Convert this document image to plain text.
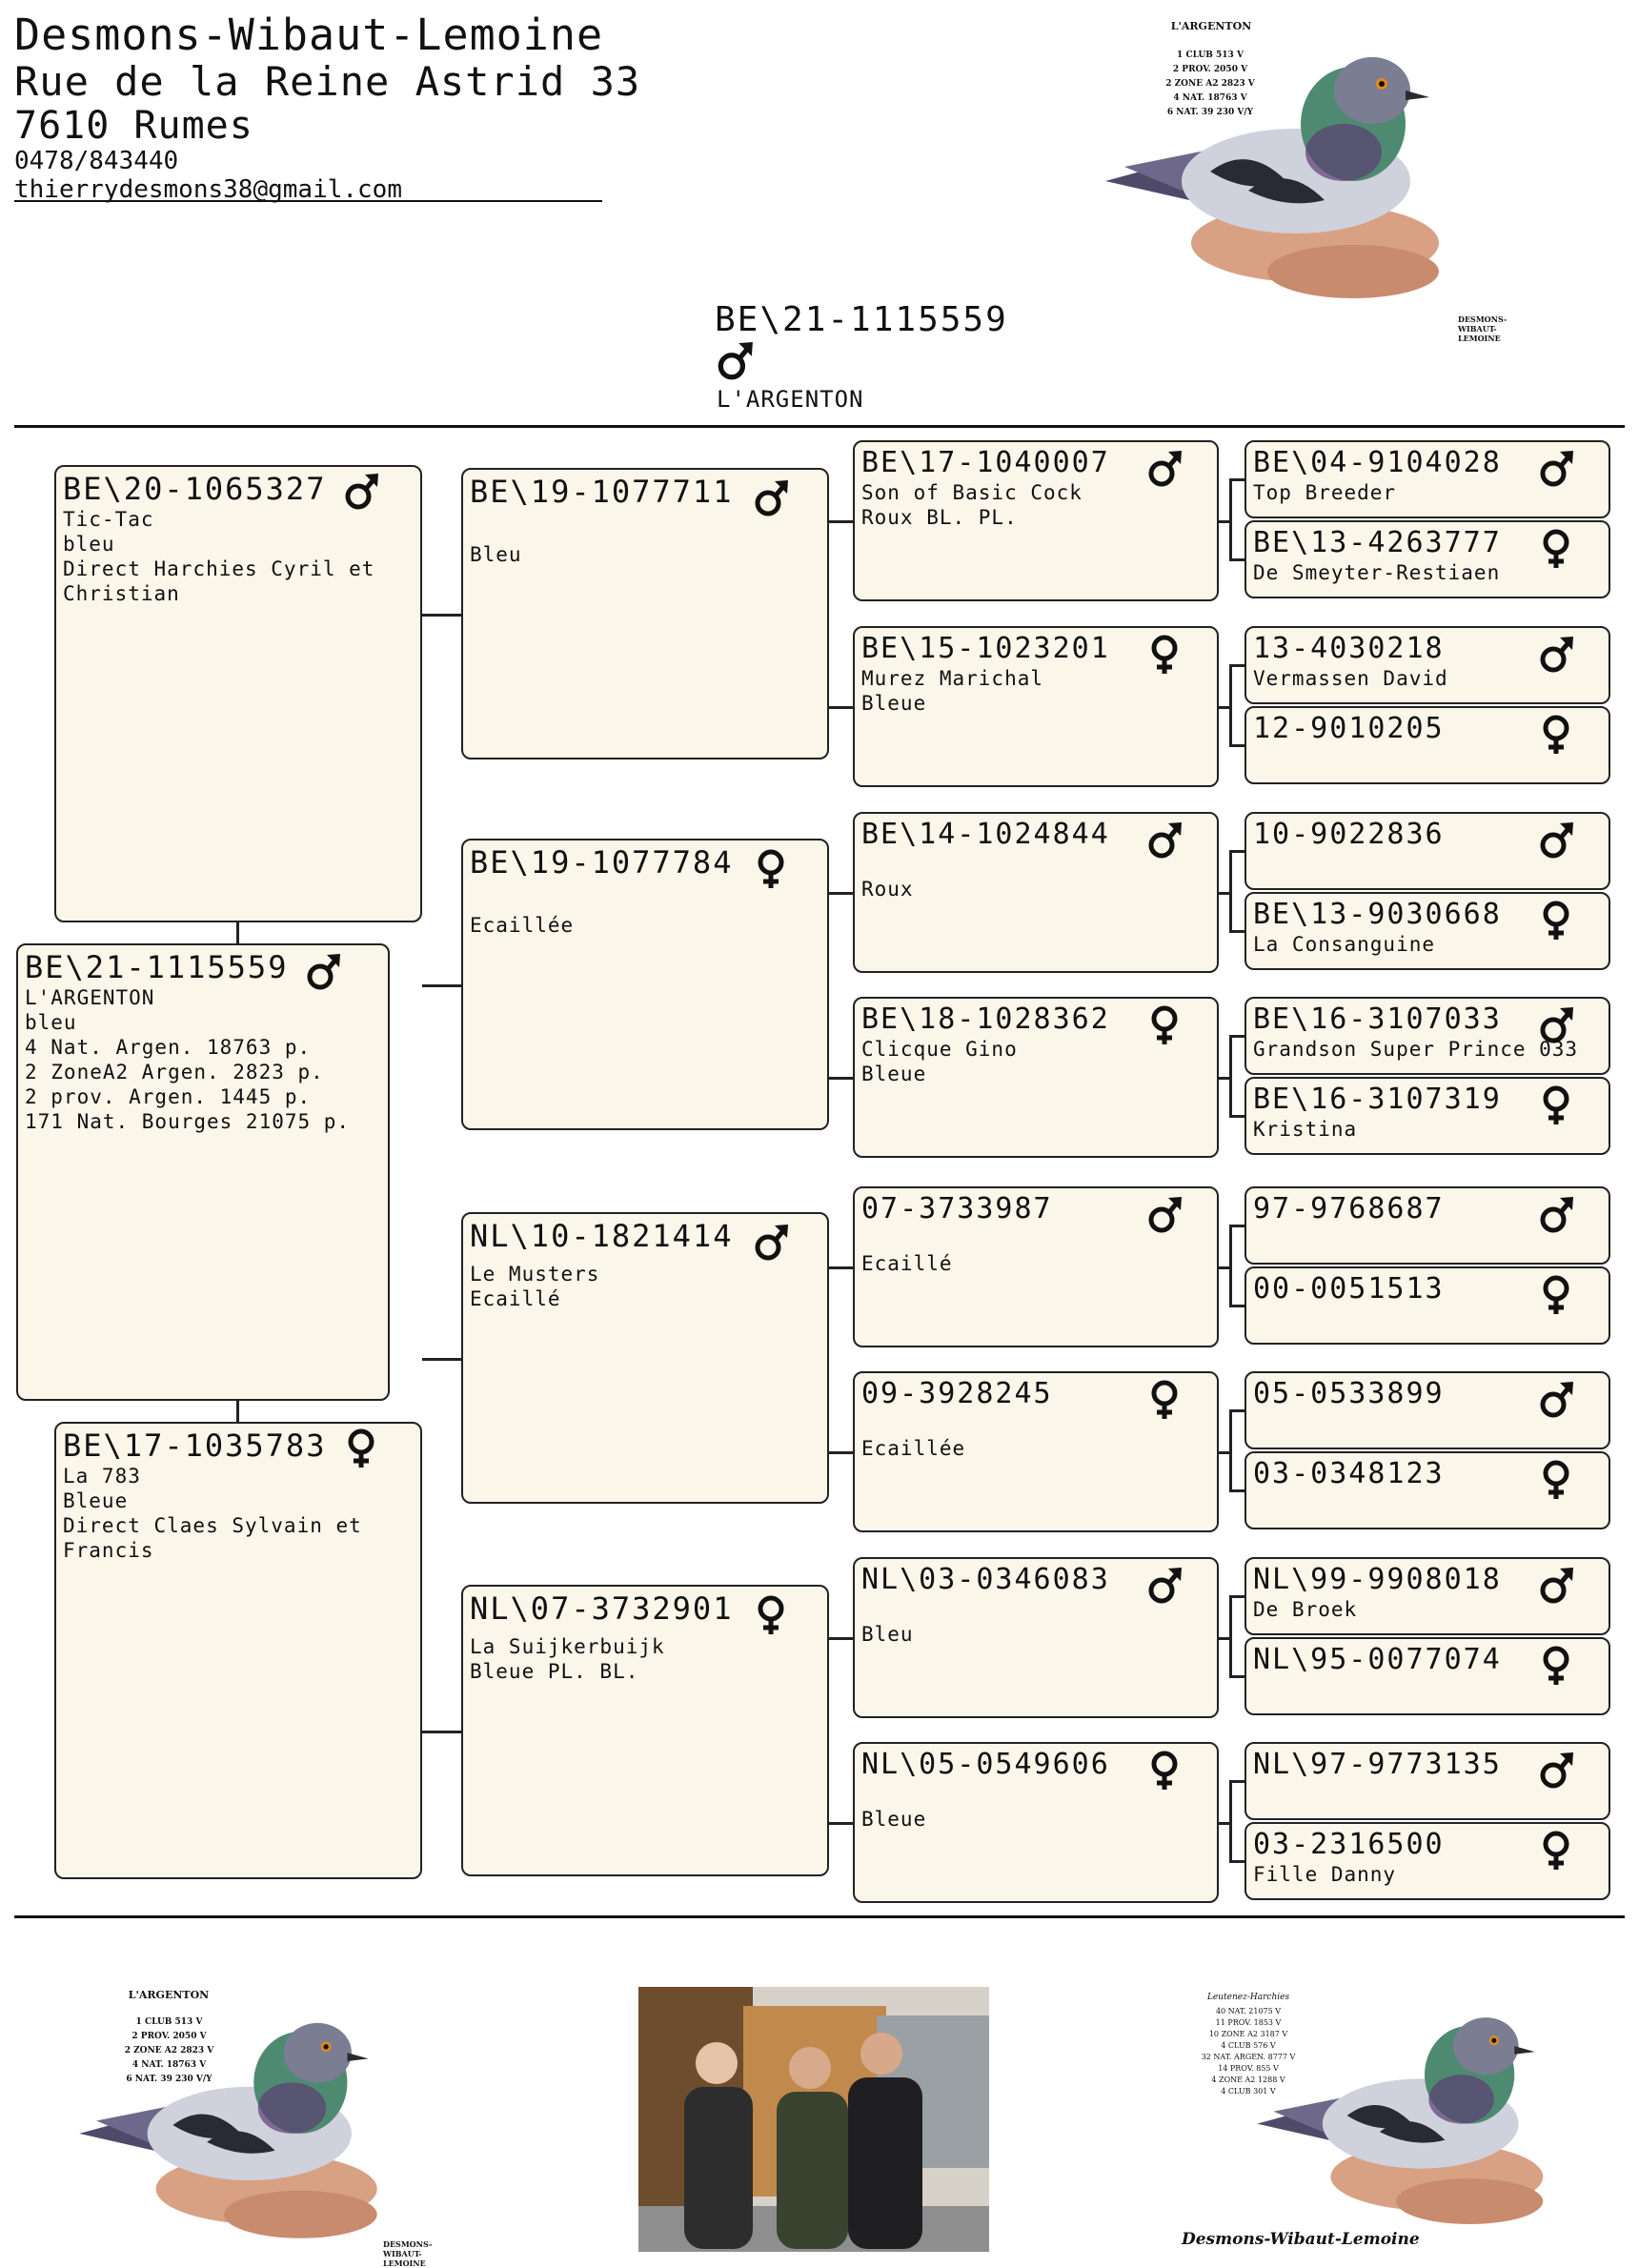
Desmons-Wibaut-Lemoine
Rue de la Reine Astrid 33
7610 Rumes
0478/843440
thierrydesmons38@gmail.com
L'ARGENTON
1 CLUB 513 V
2 PROV. 2050 V
2 ZONE A2 2823 V
4 NAT. 18763 V
6 NAT. 39 230 V/Y
DESMONS-WIBAUT-LEMOINE
BE\21-1115559
L'ARGENTON
BE\21-1115559
L'ARGENTON
bleu
4 Nat. Argen. 18763 p.
2 ZoneA2 Argen. 2823 p.
2 prov. Argen. 1445 p.
171 Nat. Bourges 21075 p.
BE\20-1065327
Tic-Tac
bleu
Direct Harchies Cyril et
Christian
BE\17-1035783
La 783
Bleue
Direct Claes Sylvain et
Francis
BE\19-1077711
Bleu
BE\19-1077784
Ecaillée
NL\10-1821414
Le Musters
Ecaillé
NL\07-3732901
La Suijkerbuijk
Bleue PL. BL.
BE\17-1040007
Son of Basic Cock
Roux BL. PL.
BE\15-1023201
Murez Marichal
Bleue
BE\14-1024844
Roux
BE\18-1028362
Clicque Gino
Bleue
07-3733987
Ecaillé
09-3928245
Ecaillée
NL\03-0346083
Bleu
NL\05-0549606
Bleue
BE\04-9104028
Top Breeder
BE\13-4263777
De Smeyter-Restiaen
13-4030218
Vermassen David
12-9010205
10-9022836
BE\13-9030668
La Consanguine
BE\16-3107033
Grandson Super Prince 033
BE\16-3107319
Kristina
97-9768687
00-0051513
05-0533899
03-0348123
NL\99-9908018
De Broek
NL\95-0077074
NL\97-9773135
03-2316500
Fille Danny
L'ARGENTON
1 CLUB 513 V
2 PROV. 2050 V
2 ZONE A2 2823 V
4 NAT. 18763 V
6 NAT. 39 230 V/Y
DESMONS-WIBAUT-LEMOINE
Leutenez-Harchies
40 NAT. 21075 V
11 PROV. 1853 V
10 ZONE A2 3187 V
4 CLUB 576 V
32 NAT. ARGEN. 8777 V
14 PROV. 855 V
4 ZONE A2 1288 V
4 CLUB 301 V
Desmons-Wibaut-Lemoine
